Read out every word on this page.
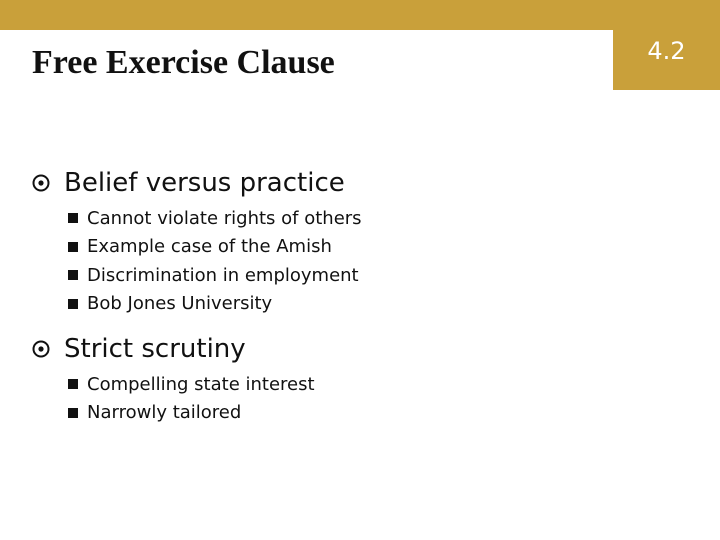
4.2
Free Exercise Clause
Belief versus practice
Cannot violate rights of others
Example case of the Amish
Discrimination in employment
Bob Jones University
Strict scrutiny
Compelling state interest
Narrowly tailored
